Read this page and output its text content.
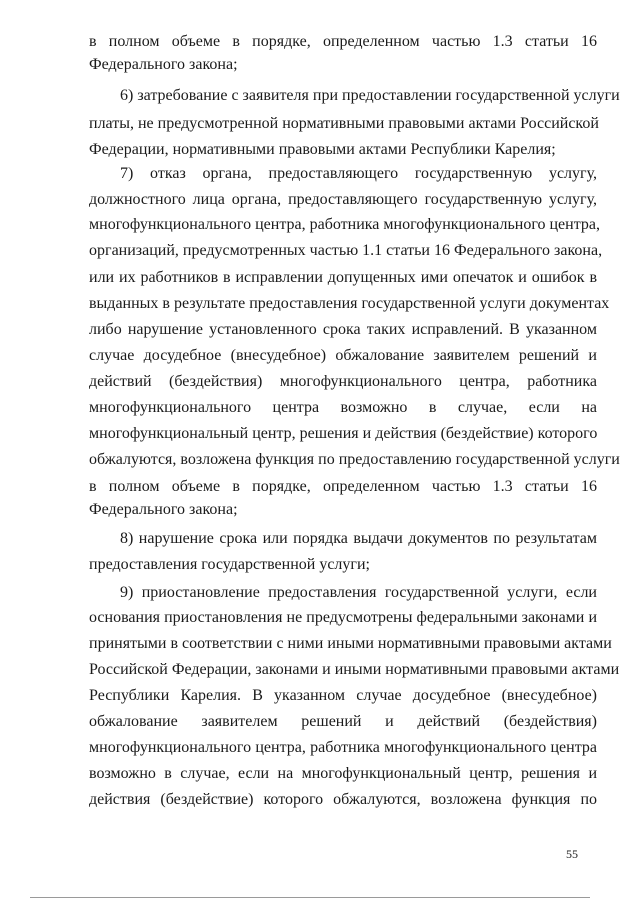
в полном объеме в порядке, определенном частью 1.3 статьи 16
Федерального закона;
6) затребование с заявителя при предоставлении государственной услуги
платы, не предусмотренной нормативными правовыми актами Российской
Федерации, нормативными правовыми актами Республики Карелия;
7) отказ органа, предоставляющего государственную услугу,
должностного лица органа, предоставляющего государственную услугу,
многофункционального центра, работника многофункционального центра,
организаций, предусмотренных частью 1.1 статьи 16 Федерального закона,
или их работников в исправлении допущенных ими опечаток и ошибок в
выданных в результате предоставления государственной услуги документах
либо нарушение установленного срока таких исправлений. В указанном
случае досудебное (внесудебное) обжалование заявителем решений и
действий (бездействия) многофункционального центра, работника
многофункционального центра возможно в случае, если на
многофункциональный центр, решения и действия (бездействие) которого
обжалуются, возложена функция по предоставлению государственной услуги
в полном объеме в порядке, определенном частью 1.3 статьи 16
Федерального закона;
8) нарушение срока или порядка выдачи документов по результатам
предоставления государственной услуги;
9) приостановление предоставления государственной услуги, если
основания приостановления не предусмотрены федеральными законами и
принятыми в соответствии с ними иными нормативными правовыми актами
Российской Федерации, законами и иными нормативными правовыми актами
Республики Карелия. В указанном случае досудебное (внесудебное)
обжалование заявителем решений и действий (бездействия)
многофункционального центра, работника многофункционального центра
возможно в случае, если на многофункциональный центр, решения и
действия (бездействие) которого обжалуются, возложена функция по
55
